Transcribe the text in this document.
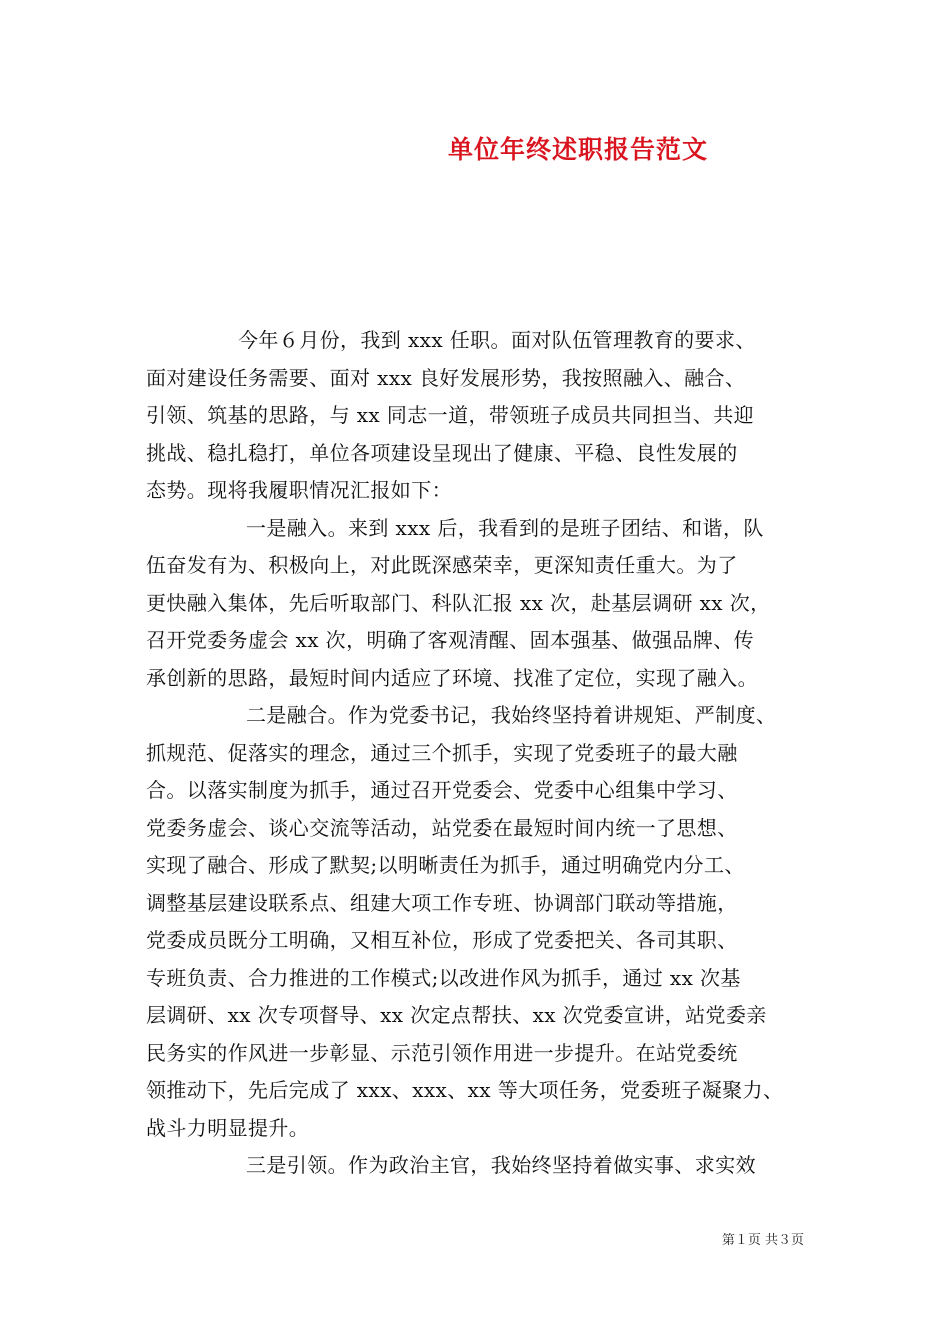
单位年终述职报告范文
今年６月份，我到 xxx 任职。面对队伍管理教育的要求、
面对建设任务需要、面对 xxx 良好发展形势，我按照融入、融合、
引领、筑基的思路，与 xx 同志一道，带领班子成员共同担当、共迎
挑战、稳扎稳打，单位各项建设呈现出了健康、平稳、良性发展的
态势。现将我履职情况汇报如下：
一是融入。来到 xxx 后，我看到的是班子团结、和谐，队
伍奋发有为、积极向上，对此既深感荣幸，更深知责任重大。为了
更快融入集体，先后听取部门、科队汇报 xx 次，赴基层调研 xx 次，
召开党委务虚会 xx 次，明确了客观清醒、固本强基、做强品牌、传
承创新的思路，最短时间内适应了环境、找准了定位，实现了融入。
二是融合。作为党委书记，我始终坚持着讲规矩、严制度、
抓规范、促落实的理念，通过三个抓手，实现了党委班子的最大融
合。以落实制度为抓手，通过召开党委会、党委中心组集中学习、
党委务虚会、谈心交流等活动，站党委在最短时间内统一了思想、
实现了融合、形成了默契;以明晰责任为抓手，通过明确党内分工、
调整基层建设联系点、组建大项工作专班、协调部门联动等措施，
党委成员既分工明确，又相互补位，形成了党委把关、各司其职、
专班负责、合力推进的工作模式;以改进作风为抓手，通过 xx 次基
层调研、xx 次专项督导、xx 次定点帮扶、xx 次党委宣讲，站党委亲
民务实的作风进一步彰显、示范引领作用进一步提升。在站党委统
领推动下，先后完成了 xxx、xxx、xx 等大项任务，党委班子凝聚力、
战斗力明显提升。
三是引领。作为政治主官，我始终坚持着做实事、求实效
第１页 共３页
